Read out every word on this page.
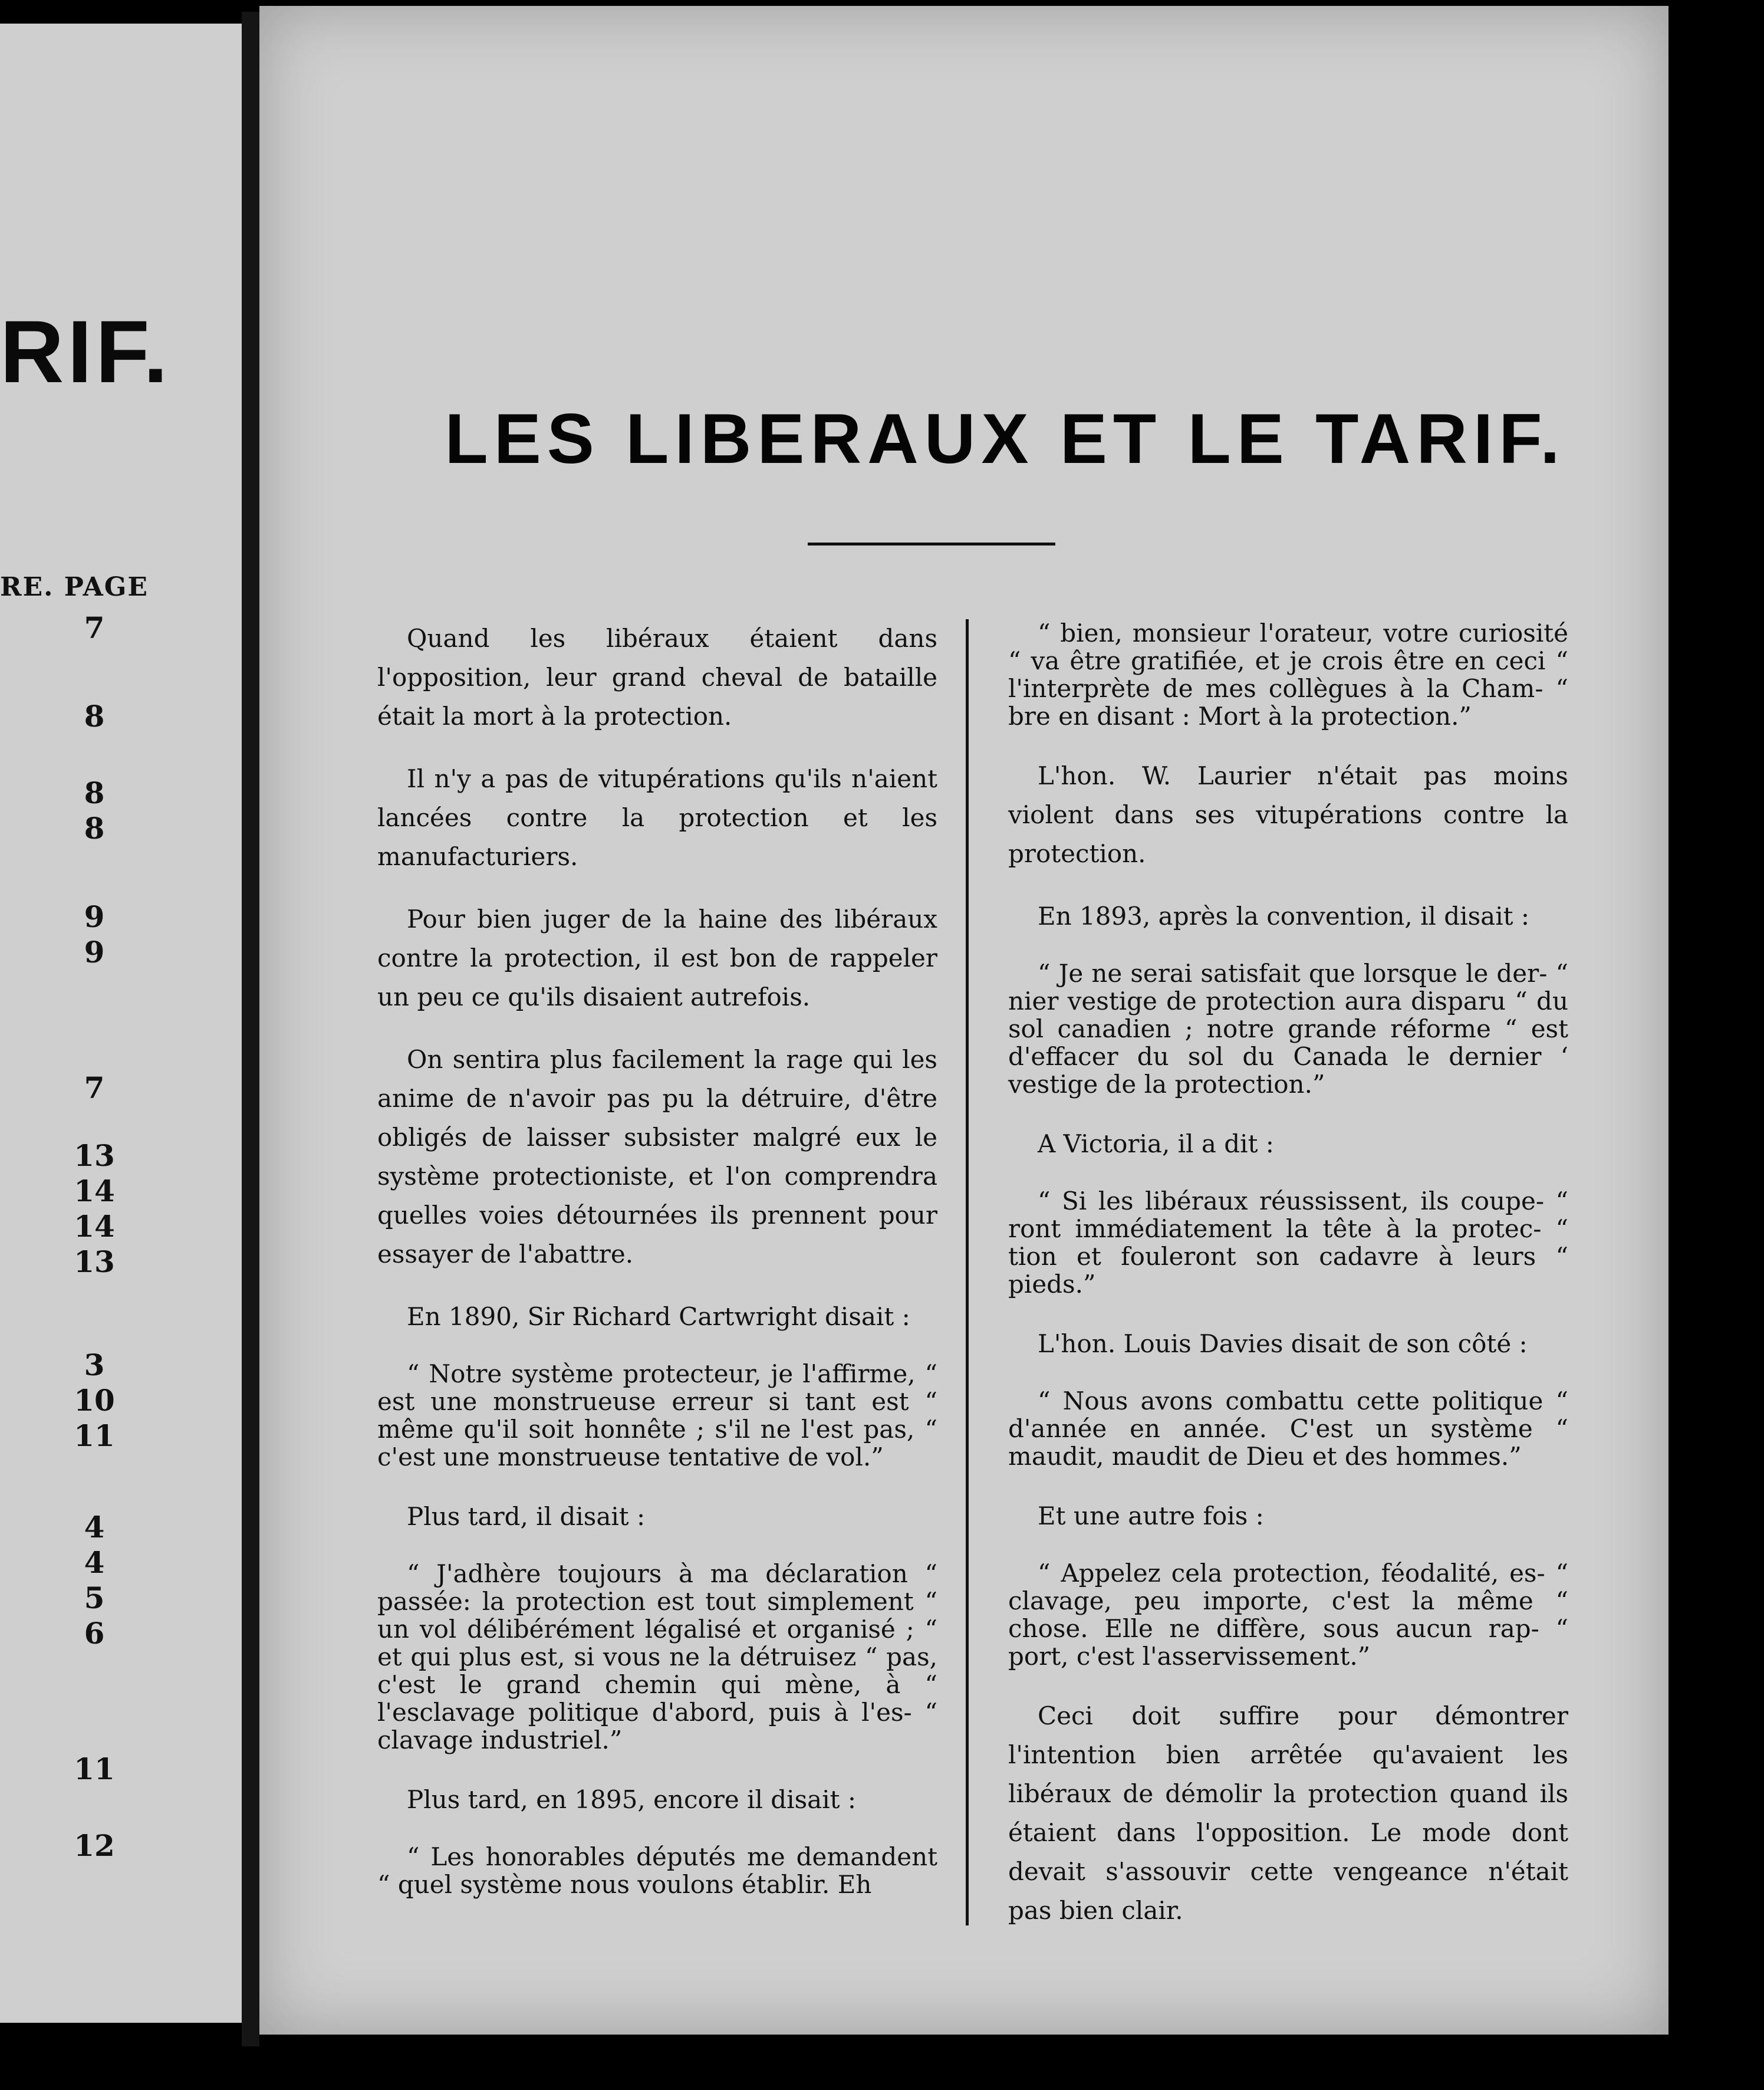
RIF.
RE. PAGE
7
8
8
8
9
9
7
13
14
14
13
3
10
11
4
4
5
6
11
12
LES LIBERAUX ET LE TARIF.

Quand les libéraux étaient dans l'opposition, leur grand cheval de bataille était la mort à la protection.

Il n'y a pas de vitupérations qu'ils n'aient lancées contre la protection et les manufacturiers.

Pour bien juger de la haine des libéraux contre la protection, il est bon de rappeler un peu ce qu'ils disaient autrefois.

On sentira plus facilement la rage qui les anime de n'avoir pas pu la détruire, d'être obligés de laisser subsister malgré eux le système protectioniste, et l'on comprendra quelles voies détournées ils prennent pour essayer de l'abattre.

En 1890, Sir Richard Cartwright disait :

“ Notre système protecteur, je l'affirme, “ est une monstrueuse erreur si tant est “ même qu'il soit honnête ; s'il ne l'est pas, “ c'est une monstrueuse tentative de vol.”

Plus tard, il disait :

“ J'adhère toujours à ma déclaration “ passée: la protection est tout simplement “ un vol délibérément légalisé et organisé ; “ et qui plus est, si vous ne la détruisez “ pas, c'est le grand chemin qui mène, à “ l'esclavage politique d'abord, puis à l'es- “ clavage industriel.”

Plus tard, en 1895, encore il disait :

“ Les honorables députés me demandent “ quel système nous voulons établir. Eh

“ bien, monsieur l'orateur, votre curiosité “ va être gratifiée, et je crois être en ceci “ l'interprète de mes collègues à la Cham- “ bre en disant : Mort à la protection.”

L'hon. W. Laurier n'était pas moins violent dans ses vitupérations contre la protection.

En 1893, après la convention, il disait :

“ Je ne serai satisfait que lorsque le der- “ nier vestige de protection aura disparu “ du sol canadien ; notre grande réforme “ est d'effacer du sol du Canada le dernier ‘ vestige de la protection.”

A Victoria, il a dit :

“ Si les libéraux réussissent, ils coupe- “ ront immédiatement la tête à la protec- “ tion et fouleront son cadavre à leurs “ pieds.”

L'hon. Louis Davies disait de son côté :

“ Nous avons combattu cette politique “ d'année en année. C'est un système “ maudit, maudit de Dieu et des hommes.”

Et une autre fois :

“ Appelez cela protection, féodalité, es- “ clavage, peu importe, c'est la même “ chose. Elle ne diffère, sous aucun rap- “ port, c'est l'asservissement.”

Ceci doit suffire pour démontrer l'intention bien arrêtée qu'avaient les libéraux de démolir la protection quand ils étaient dans l'opposition. Le mode dont devait s'assouvir cette vengeance n'était pas bien clair.
